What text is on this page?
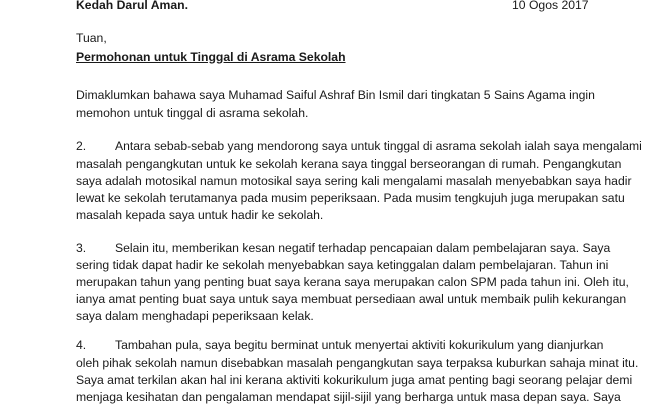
Kedah Darul Aman.	10 Ogos 2017
Tuan,
Permohonan untuk Tinggal di Asrama Sekolah
Dimaklumkan bahawa saya Muhamad Saiful Ashraf Bin Ismil dari tingkatan 5 Sains Agama ingin
memohon untuk tinggal di asrama sekolah.
2. Antara sebab-sebab yang mendorong saya untuk tinggal di asrama sekolah ialah saya mengalami
masalah pengangkutan untuk ke sekolah kerana saya tinggal berseorangan di rumah. Pengangkutan
saya adalah motosikal namun motosikal saya sering kali mengalami masalah menyebabkan saya hadir
lewat ke sekolah terutamanya pada musim peperiksaan. Pada musim tengkujuh juga merupakan satu
masalah kepada saya untuk hadir ke sekolah.
3. Selain itu, memberikan kesan negatif terhadap pencapaian dalam pembelajaran saya. Saya
sering tidak dapat hadir ke sekolah menyebabkan saya ketinggalan dalam pembelajaran. Tahun ini
merupakan tahun yang penting buat saya kerana saya merupakan calon SPM pada tahun ini. Oleh itu,
ianya amat penting buat saya untuk saya membuat persediaan awal untuk membaik pulih kekurangan
saya dalam menghadapi peperiksaan kelak.
4. Tambahan pula, saya begitu berminat untuk menyertai aktiviti kokurikulum yang dianjurkan
oleh pihak sekolah namun disebabkan masalah pengangkutan saya terpaksa kuburkan sahaja minat itu.
Saya amat terkilan akan hal ini kerana aktiviti kokurikulum juga amat penting bagi seorang pelajar demi
menjaga kesihatan dan pengalaman mendapat sijil-sijil yang berharga untuk masa depan saya. Saya
